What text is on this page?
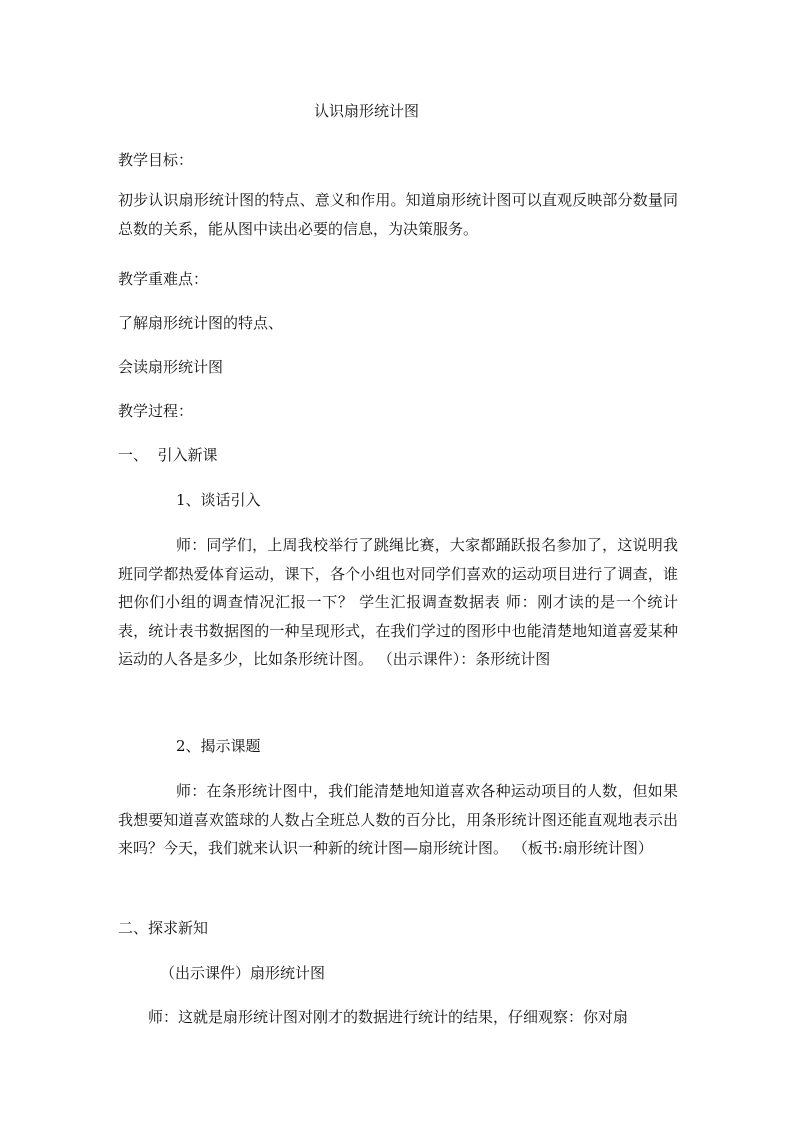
认识扇形统计图
教学目标：
初步认识扇形统计图的特点、意义和作用。知道扇形统计图可以直观反映部分数量同总数的关系，能从图中读出必要的信息，为决策服务。
教学重难点：
了解扇形统计图的特点、
会读扇形统计图
教学过程：
一、  引入新课
1、谈话引入
师：同学们，上周我校举行了跳绳比赛，大家都踊跃报名参加了，这说明我班同学都热爱体育运动，课下，各个小组也对同学们喜欢的运动项目进行了调查，谁把你们小组的调查情况汇报一下？ 学生汇报调查数据表 师：刚才读的是一个统计表，统计表书数据图的一种呈现形式，在我们学过的图形中也能清楚地知道喜爱某种运动的人各是多少，比如条形统计图。 （出示课件）：条形统计图
2、揭示课题
师：在条形统计图中，我们能清楚地知道喜欢各种运动项目的人数，但如果我想要知道喜欢篮球的人数占全班总人数的百分比，用条形统计图还能直观地表示出来吗？今天，我们就来认识一种新的统计图—扇形统计图。 （板书:扇形统计图）
二、探求新知
（出示课件）扇形统计图
师：这就是扇形统计图对刚才的数据进行统计的结果，仔细观察：你对扇
